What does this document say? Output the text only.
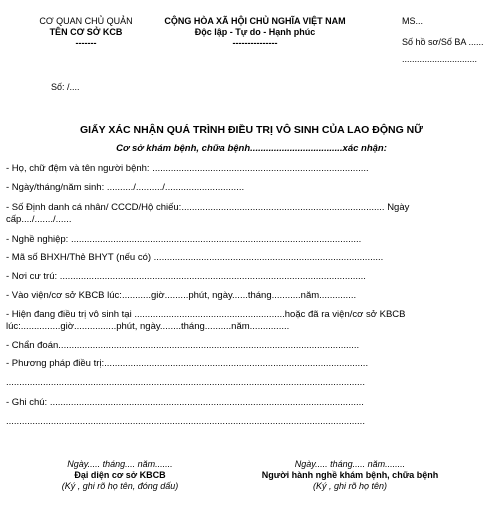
CƠ QUAN CHỦ QUẢN
TÊN CƠ SỞ KCB
-------
CỘNG HÒA XÃ HỘI CHỦ NGHĨA VIỆT NAM
Độc lập - Tự do - Hạnh phúc
---------------
MS...
Số hồ sơ/Số BA ......
..............................
Số: /....
GIẤY XÁC NHẬN QUÁ TRÌNH ĐIỀU TRỊ VÔ SINH CỦA LAO ĐỘNG NỮ
Cơ sở khám bệnh, chữa bệnh...................................xác nhận:
- Họ, chữ đệm và tên người bệnh: ..................................................................................
- Ngày/tháng/năm sinh: ........../........../..............................
- Số Định danh cá nhân/ CCCD/Hộ chiếu:............................................................................. Ngày
cấp..../......./......
- Nghề nghiệp: ..............................................................................................................
- Mã số BHXH/Thẻ BHYT (nếu có) .......................................................................................
- Nơi cư trú: ....................................................................................................................
- Vào viện/cơ sở KBCB lúc:...........giờ.........phút, ngày......tháng...........năm..............
- Hiện đang điều trị vô sinh tại .........................................................hoặc đã ra viện/cơ sở KBCB
lúc:...............giờ................phút, ngày........tháng..........năm...............
- Chẩn đoán..................................................................................................................
- Phương pháp điều trị:....................................................................................................
........................................................................................................................................
- Ghi chú: .......................................................................................................................
........................................................................................................................................
Ngày..... tháng.... năm.......
Đại diện cơ sở KBCB
(Ký , ghi rõ họ tên, đóng dấu)
Ngày..... tháng..... năm........
Người hành nghề khám bệnh, chữa bệnh
(Ký , ghi rõ họ tên)
